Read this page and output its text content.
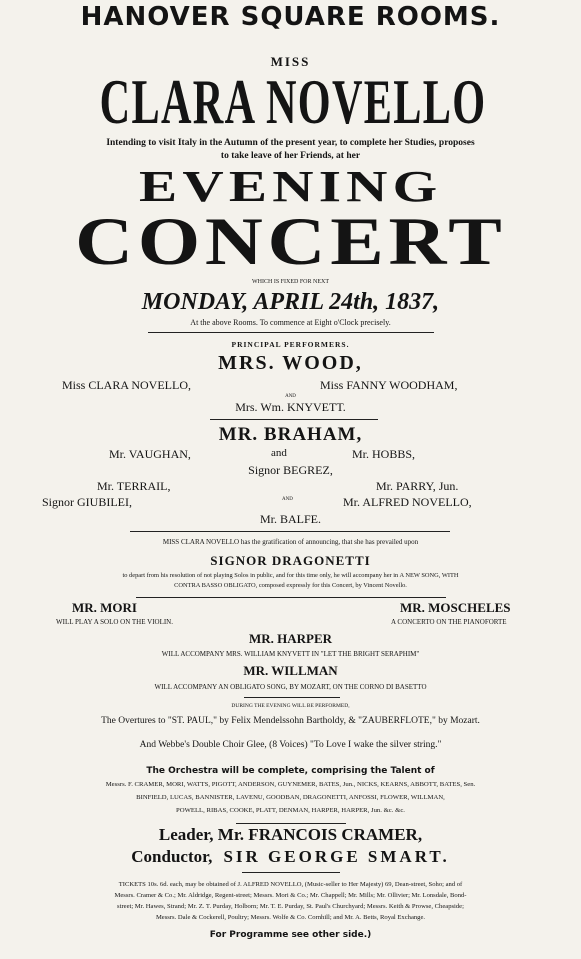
HANOVER SQUARE ROOMS.
MISS
CLARA NOVELLO
Intending to visit Italy in the Autumn of the present year, to complete her Studies, proposes
to take leave of her Friends, at her
EVENING
CONCERT
WHICH IS FIXED FOR NEXT
MONDAY, APRIL 24th, 1837,
At the above Rooms. To commence at Eight o'Clock precisely.
PRINCIPAL PERFORMERS.
MRS. WOOD,
Miss CLARA NOVELLO,	Miss FANNY WOODHAM,
AND
Mrs. Wm. KNYVETT.
MR. BRAHAM,
Mr. VAUGHAN,	and	Mr. HOBBS,
Signor BEGREZ,
Mr. TERRAIL,	Mr. PARRY, Jun.
Signor GIUBILEI,	AND	Mr. ALFRED NOVELLO,
Mr. BALFE.
MISS CLARA NOVELLO has the gratification of announcing, that she has prevailed upon
SIGNOR DRAGONETTI
to depart from his resolution of not playing Solos in public, and for this time only, he will accompany her in A NEW SONG, WITH
CONTRA BASSO OBLIGATO, composed expressly for this Concert, by Vincent Novello.
MR. MORI
WILL PLAY A SOLO ON THE VIOLIN.
MR. MOSCHELES
A CONCERTO ON THE PIANOFORTE
MR. HARPER
WILL ACCOMPANY MRS. WILLIAM KNYVETT IN "LET THE BRIGHT SERAPHIM"
MR. WILLMAN
WILL ACCOMPANY AN OBLIGATO SONG, BY MOZART, ON THE CORNO DI BASETTO
DURING THE EVENING WILL BE PERFORMED,
The Overtures to "ST. PAUL," by Felix Mendelssohn Bartholdy, & "ZAUBERFLOTE," by Mozart.
And Webbe's Double Choir Glee, (8 Voices) "To Love I wake the silver string."
The Orchestra will be complete, comprising the Talent of
Messrs. F. CRAMER, MORI, WATTS, PIGOTT, ANDERSON, GUYNEMER, BATES, Jun., NICKS, KEARNS, ABBOTT, BATES, Sen.
BINFIELD, LUCAS, BANNISTER, LAVENU, GOODBAN, DRAGONETTI, ANFOSSI, FLOWER, WILLMAN,
POWELL, RIBAS, COOKE, PLATT, DENMAN, HARPER, HARPER, Jun. &c. &c.
Leader, Mr. FRANCOIS CRAMER,
Conductor, SIR GEORGE SMART.
TICKETS 10s. 6d. each, may be obtained of J. ALFRED NOVELLO, (Music-seller to Her Majesty) 69, Dean-street, Soho; and of
Messrs. Cramer & Co.; Mr. Aldridge, Regent-street; Messrs. Mori & Co.; Mr. Chappell; Mr. Mills; Mr. Ollivier; Mr. Lonsdale, Bond-
street; Mr. Hawes, Strand; Mr. Z. T. Purday, Holborn; Mr. T. E. Purday, St. Paul's Churchyard; Messrs. Keith & Prowse, Cheapside;
Messrs. Dale & Cockerell, Poultry; Messrs. Wolfe & Co. Cornhill; and Mr. A. Betts, Royal Exchange.
For Programme see other side.)
